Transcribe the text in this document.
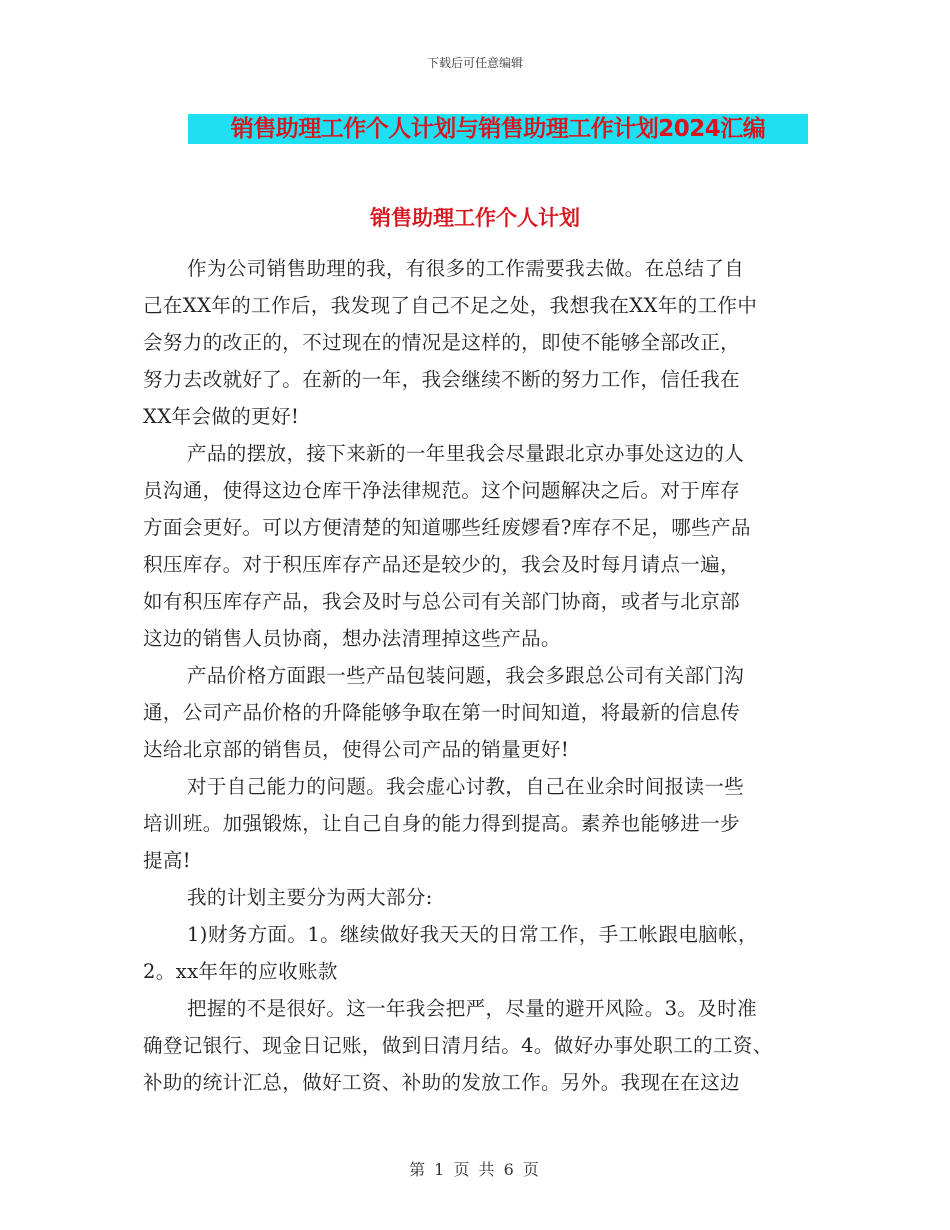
下载后可任意编辑
销售助理工作个人计划与销售助理工作计划2024汇编
销售助理工作个人计划
作为公司销售助理的我，有很多的工作需要我去做。在总结了自
己在XX年的工作后，我发现了自己不足之处，我想我在XX年的工作中
会努力的改正的，不过现在的情况是这样的，即使不能够全部改正，
努力去改就好了。在新的一年，我会继续不断的努力工作，信任我在
XX年会做的更好!
产品的摆放，接下来新的一年里我会尽量跟北京办事处这边的人
员沟通，使得这边仓库干净法律规范。这个问题解决之后。对于库存
方面会更好。可以方便清楚的知道哪些纴废嫪看?库存不足，哪些产品
积压库存。对于积压库存产品还是较少的，我会及时每月请点一遍，
如有积压库存产品，我会及时与总公司有关部门协商，或者与北京部
这边的销售人员协商，想办法清理掉这些产品。
产品价格方面跟一些产品包装问题，我会多跟总公司有关部门沟
通，公司产品价格的升降能够争取在第一时间知道，将最新的信息传
达给北京部的销售员，使得公司产品的销量更好!
对于自己能力的问题。我会虚心讨教，自己在业余时间报读一些
培训班。加强锻炼，让自己自身的能力得到提高。素养也能够进一步
提高!
我的计划主要分为两大部分:
1)财务方面。1。继续做好我天天的日常工作，手工帐跟电脑帐，
2。xx年年的应收账款
把握的不是很好。这一年我会把严，尽量的避开风险。3。及时准
确登记银行、现金日记账，做到日清月结。4。做好办事处职工的工资、
补助的统计汇总，做好工资、补助的发放工作。另外。我现在在这边
第 1 页 共 6 页
